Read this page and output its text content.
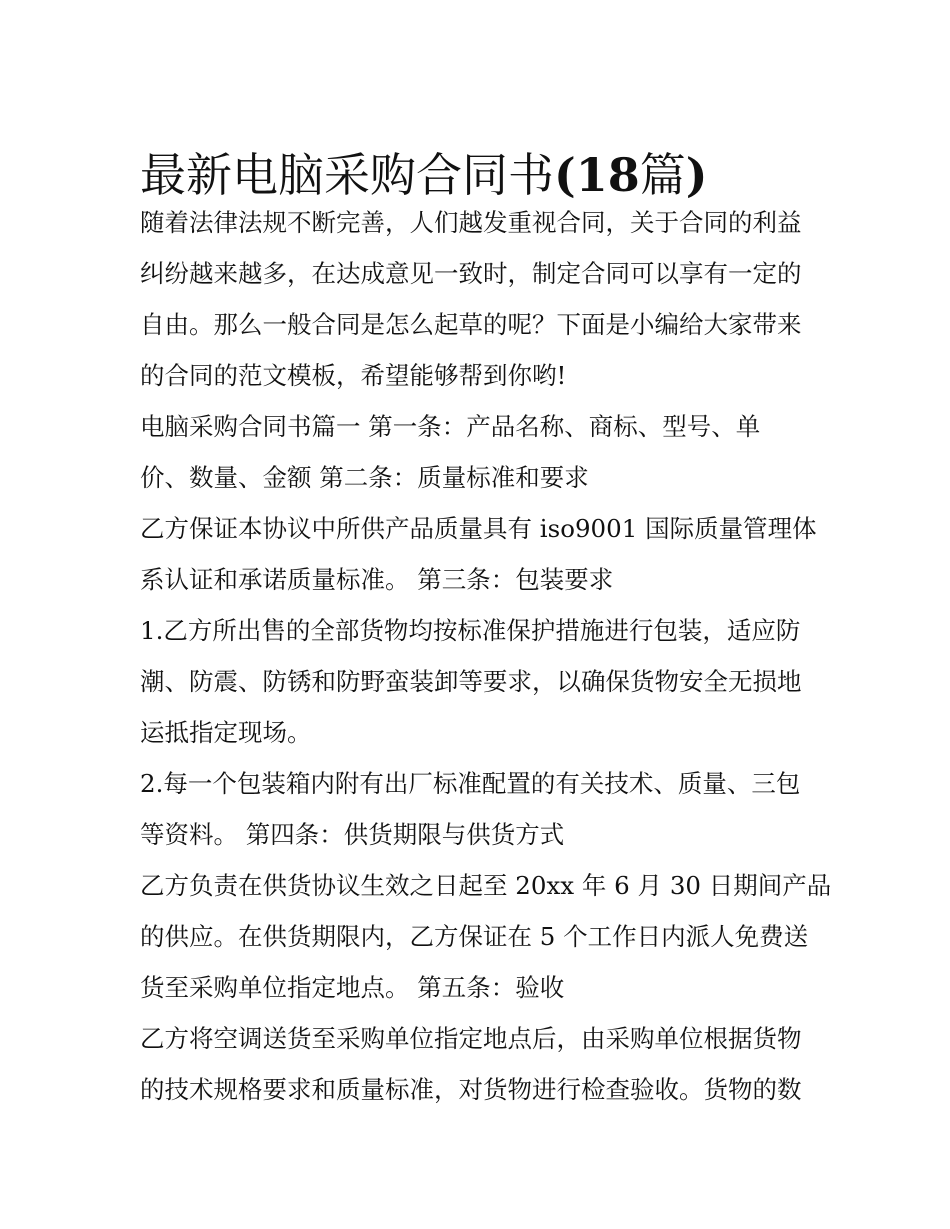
最新电脑采购合同书(18篇)
随着法律法规不断完善，人们越发重视合同，关于合同的利益
纠纷越来越多，在达成意见一致时，制定合同可以享有一定的
自由。那么一般合同是怎么起草的呢？下面是小编给大家带来
的合同的范文模板，希望能够帮到你哟!
电脑采购合同书篇一 第一条：产品名称、商标、型号、单
价、数量、金额 第二条：质量标准和要求
乙方保证本协议中所供产品质量具有 iso9001 国际质量管理体
系认证和承诺质量标准。 第三条：包装要求
1.乙方所出售的全部货物均按标准保护措施进行包装，适应防
潮、防震、防锈和防野蛮装卸等要求，以确保货物安全无损地
运抵指定现场。
2.每一个包装箱内附有出厂标准配置的有关技术、质量、三包
等资料。 第四条：供货期限与供货方式
乙方负责在供货协议生效之日起至 20xx 年 6 月 30 日期间产品
的供应。在供货期限内，乙方保证在 5 个工作日内派人免费送
货至采购单位指定地点。 第五条：验收
乙方将空调送货至采购单位指定地点后，由采购单位根据货物
的技术规格要求和质量标准，对货物进行检查验收。货物的数
